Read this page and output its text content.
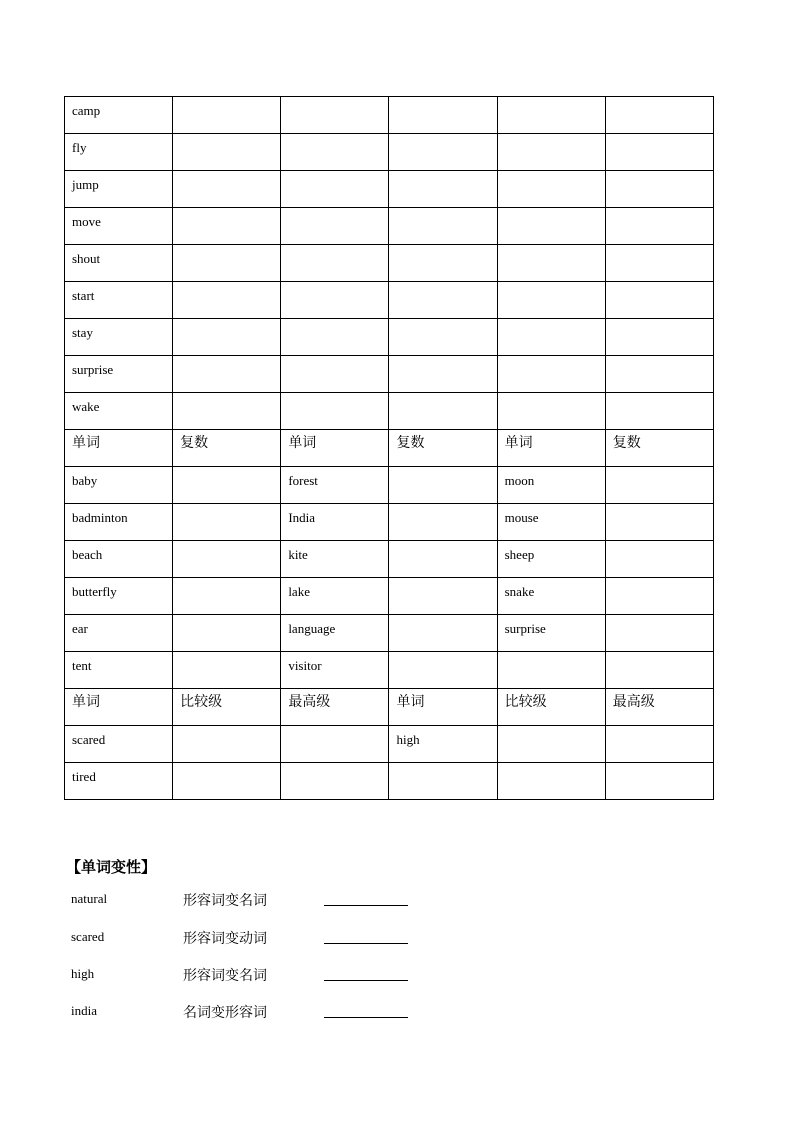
camp					
fly					
jump					
move					
shout					
start					
stay					
surprise					
wake					
单词	复数	单词	复数	单词	复数
baby		forest		moon	
badminton		India		mouse	
beach		kite		sheep	
butterfly		lake		snake	
ear		language		surprise	
tent		visitor			
单词	比较级	最高级	单词	比较级	最高级
scared			high		
tired					
【单词变性】
natural	形容词变名词
scared	形容词变动词
high	形容词变名词
india	名词变形容词
